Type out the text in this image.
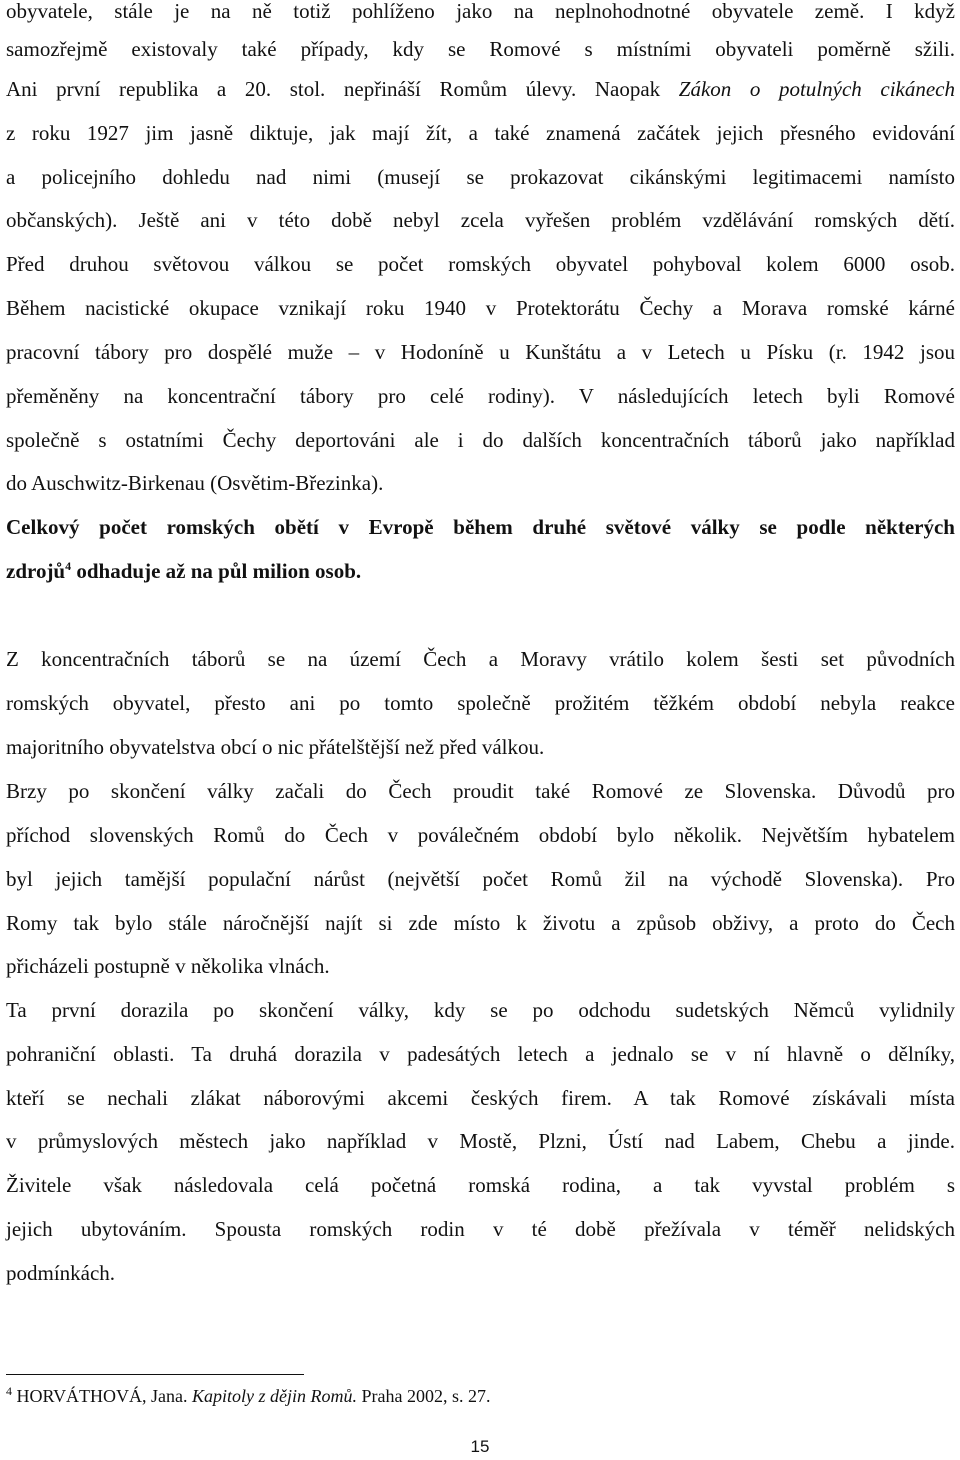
obyvatele, stále je na ně totiž pohlíženo jako na neplnohodnotné obyvatele země. I když
samozřejmě existovaly také případy, kdy se Romové s místními obyvateli poměrně sžili.
Ani první republika a 20. stol. nepřináší Romům úlevy. Naopak Zákon o potulných cikánech
z roku 1927 jim jasně diktuje, jak mají žít, a také znamená začátek jejich přesného evidování
a policejního dohledu nad nimi (musejí se prokazovat cikánskými legitimacemi namísto
občanských). Ještě ani v této době nebyl zcela vyřešen problém vzdělávání romských dětí.
Před druhou světovou válkou se počet romských obyvatel pohyboval kolem 6000 osob.
Během nacistické okupace vznikají roku 1940 v Protektorátu Čechy a Morava romské kárné
pracovní tábory pro dospělé muže – v Hodoníně u Kunštátu a v Letech u Písku (r. 1942 jsou
přeměněny na koncentrační tábory pro celé rodiny). V následujících letech byli Romové
společně s ostatními Čechy deportováni ale i do dalších koncentračních táborů jako například
do Auschwitz-Birkenau (Osvětim-Březinka).
Celkový počet romských obětí v Evropě během druhé světové války se podle některých
zdrojů$^4$ odhaduje až na půl milion osob.
Z koncentračních táborů se na území Čech a Moravy vrátilo kolem šesti set původních
romských obyvatel, přesto ani po tomto společně prožitém těžkém období nebyla reakce
majoritního obyvatelstva obcí o nic přátelštější než před válkou.
Brzy po skončení války začali do Čech proudit také Romové ze Slovenska. Důvodů pro
příchod slovenských Romů do Čech v poválečném období bylo několik. Největším hybatelem
byl jejich tamější populační nárůst (největší počet Romů žil na východě Slovenska). Pro
Romy tak bylo stále náročnější najít si zde místo k životu a způsob obživy, a proto do Čech
přicházeli postupně v několika vlnách.
Ta první dorazila po skončení války, kdy se po odchodu sudetských Němců vylidnily
pohraniční oblasti. Ta druhá dorazila v padesátých letech a jednalo se v ní hlavně o dělníky,
kteří se nechali zlákat náborovými akcemi českých firem. A tak Romové získávali místa
v průmyslových městech jako například v Mostě, Plzni, Ústí nad Labem, Chebu a jinde.
Živitele však následovala celá početná romská rodina, a tak vyvstal problém s
jejich ubytováním. Spousta romských rodin v té době přežívala v téměř nelidských
podmínkách.
$^4$ HORVÁTHOVÁ, Jana. Kapitoly z dějin Romů. Praha 2002, s. 27.
15
